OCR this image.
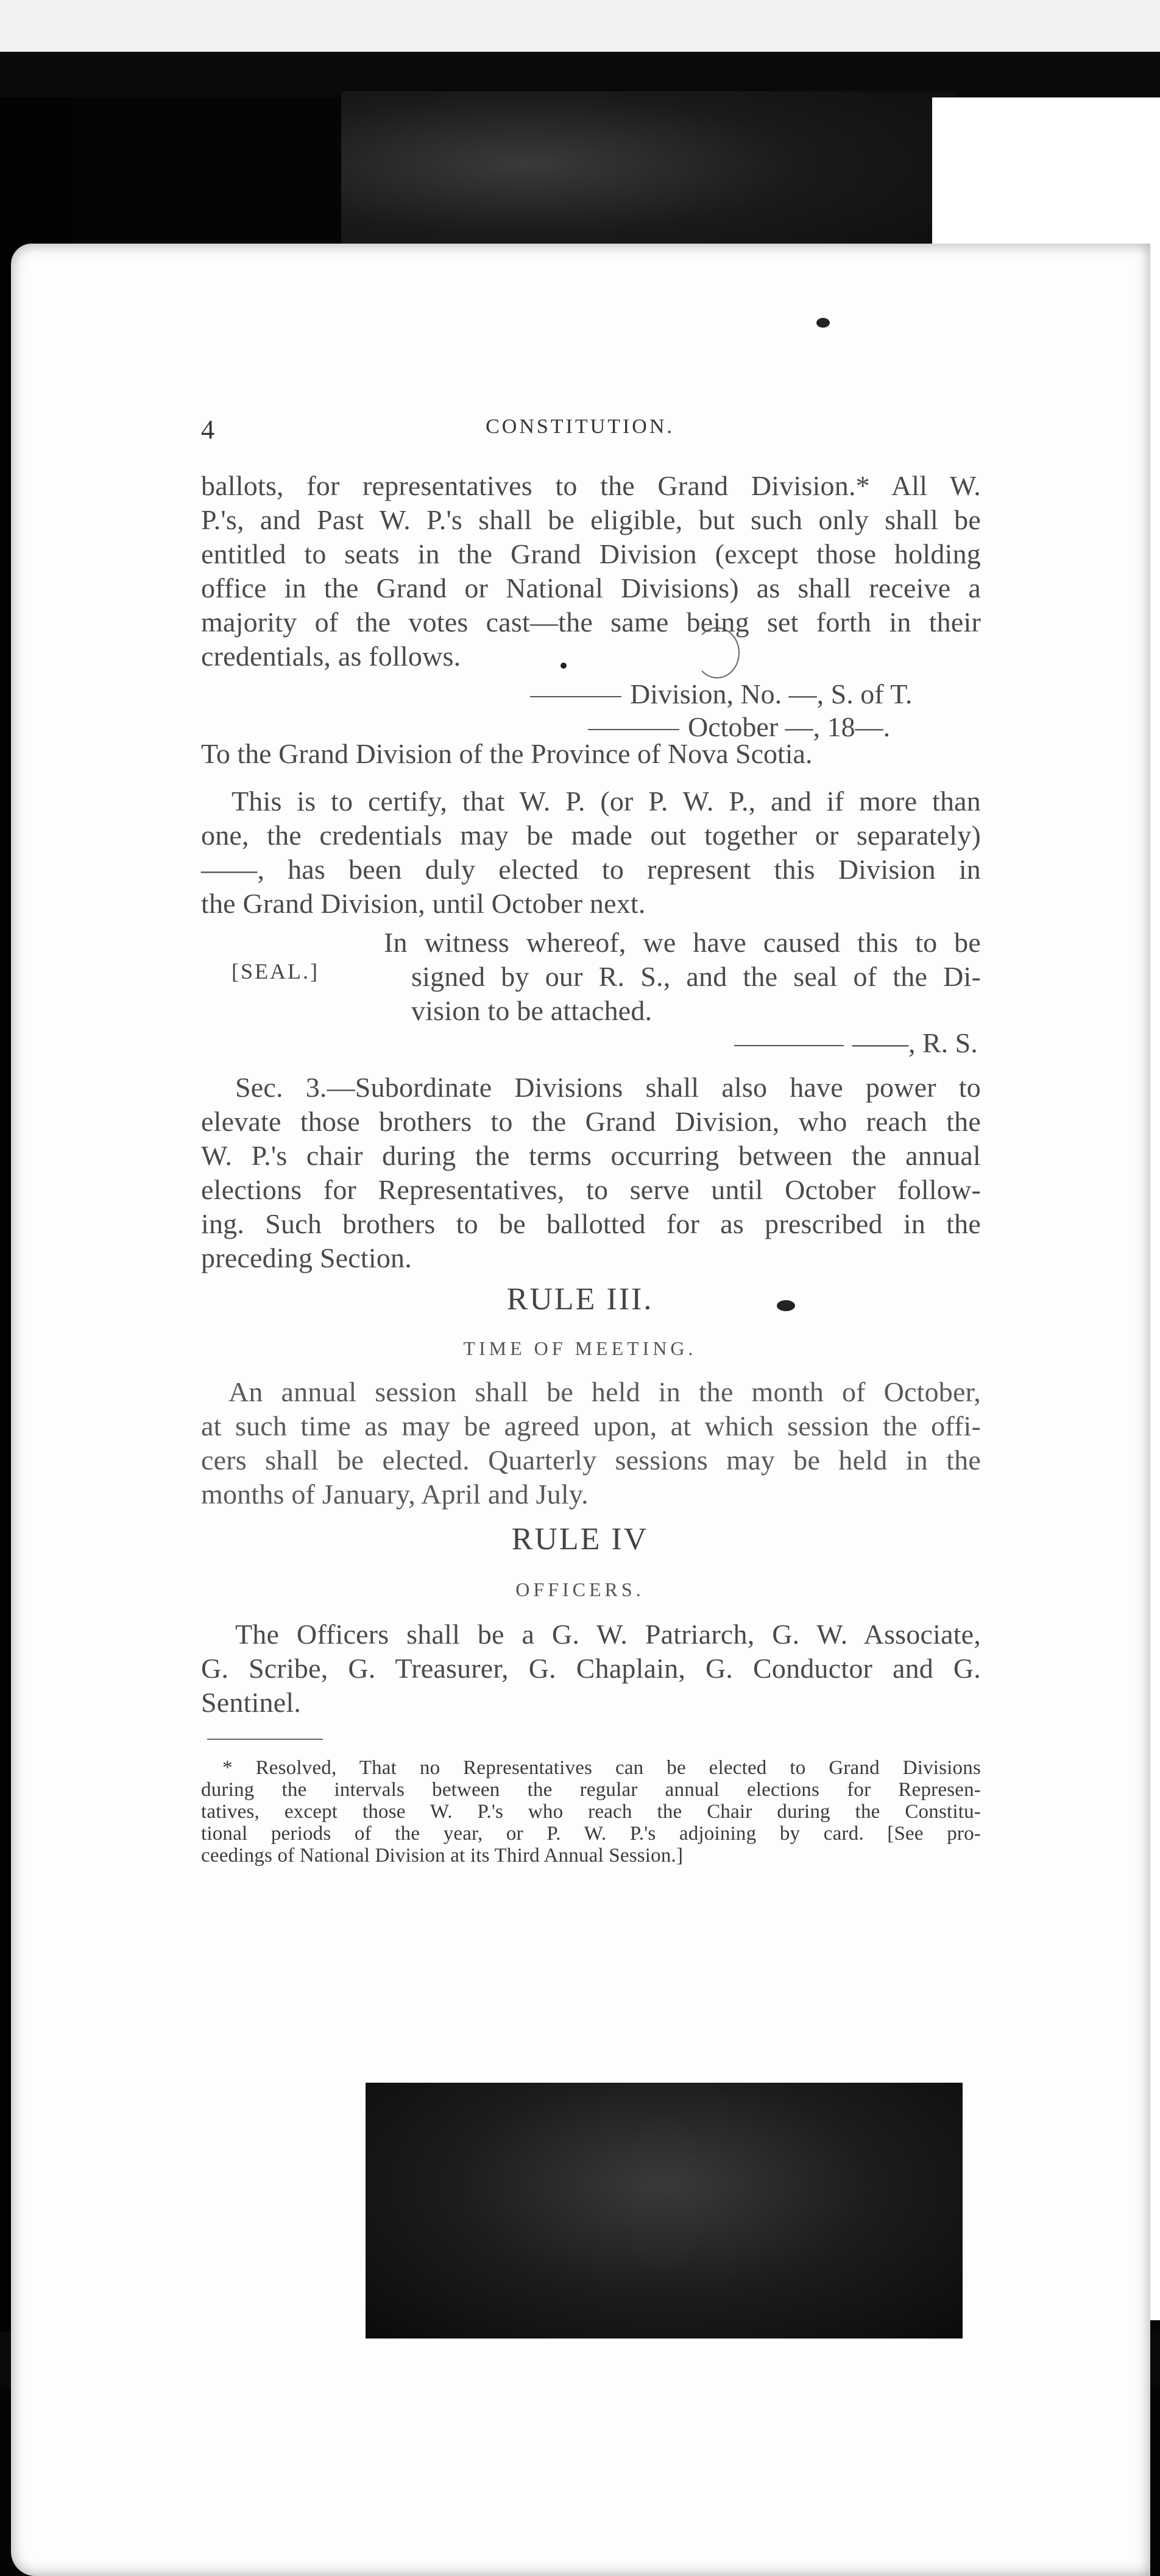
4	CONSTITUTION.
ballots, for representatives to the Grand Division.* All W.
P.'s, and Past W. P.'s shall be eligible, but such only shall be
entitled to seats in the Grand Division (except those holding
office in the Grand or National Divisions) as shall receive a
majority of the votes cast—the same being set forth in their
credentials, as follows.
Division, No. —, S. of T.
October —, 18—.
To the Grand Division of the Province of Nova Scotia.
This is to certify, that W. P. (or P. W. P., and if more than
one, the credentials may be made out together or separately)
——, has been duly elected to represent this Division in
the Grand Division, until October next.
[SEAL.]
In witness whereof, we have caused this to be
signed by our R. S., and the seal of the Di-
vision to be attached.
——, R. S.
Sec. 3.—Subordinate Divisions shall also have power to
elevate those brothers to the Grand Division, who reach the
W. P.'s chair during the terms occurring between the annual
elections for Representatives, to serve until October follow-
ing. Such brothers to be ballotted for as prescribed in the
preceding Section.
RULE III.
TIME OF MEETING.
An annual session shall be held in the month of October,
at such time as may be agreed upon, at which session the offi-
cers shall be elected. Quarterly sessions may be held in the
months of January, April and July.
RULE IV
OFFICERS.
The Officers shall be a G. W. Patriarch, G. W. Associate,
G. Scribe, G. Treasurer, G. Chaplain, G. Conductor and G.
Sentinel.
* Resolved, That no Representatives can be elected to Grand Divisions
during the intervals between the regular annual elections for Represen-
tatives, except those W. P.'s who reach the Chair during the Constitu-
tional periods of the year, or P. W. P.'s adjoining by card. [See pro-
ceedings of National Division at its Third Annual Session.]
